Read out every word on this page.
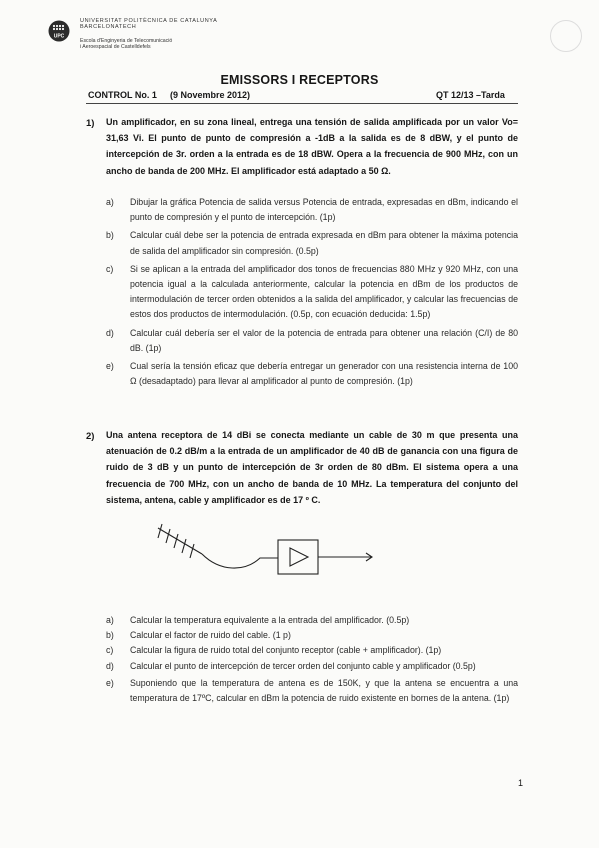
UPC
UNIVERSITAT POLITÈCNICA DE CATALUNYA
BARCELONATECH
Escola d'Enginyeria de Telecomunicació
i Aeroespacial de Castelldefels
EMISSORS I RECEPTORS
CONTROL No. 1 (9 Novembre 2012)	QT 12/13 –Tarda
1) Un amplificador, en su zona lineal, entrega una tensión de salida amplificada por un valor Vo= 31,63 Vi. El punto de punto de compresión a -1dB a la salida es de 8 dBW, y el punto de intercepción de 3r. orden a la entrada es de 18 dBW. Opera a la frecuencia de 900 MHz, con un ancho de banda de 200 MHz. El amplificador está adaptado a 50 Ω.
a) Dibujar la gráfica Potencia de salida versus Potencia de entrada, expresadas en dBm, indicando el punto de compresión y el punto de intercepción. (1p)
b) Calcular cuál debe ser la potencia de entrada expresada en dBm para obtener la máxima potencia de salida del amplificador sin compresión. (0.5p)
c) Si se aplican a la entrada del amplificador dos tonos de frecuencias 880 MHz y 920 MHz, con una potencia igual a la calculada anteriormente, calcular la potencia en dBm de los productos de intermodulación de tercer orden obtenidos a la salida del amplificador, y calcular las frecuencias de estos dos productos de intermodulación. (0.5p, con ecuación deducida: 1.5p)
d) Calcular cuál debería ser el valor de la potencia de entrada para obtener una relación (C/I) de 80 dB. (1p)
e) Cual sería la tensión eficaz que debería entregar un generador con una resistencia interna de 100 Ω (desadaptado) para llevar al amplificador al punto de compresión. (1p)
2) Una antena receptora de 14 dBi se conecta mediante un cable de 30 m que presenta una atenuación de 0.2 dB/m a la entrada de un amplificador de 40 dB de ganancia con una figura de ruido de 3 dB y un punto de intercepción de 3r orden de 80 dBm. El sistema opera a una frecuencia de 700 MHz, con un ancho de banda de 10 MHz. La temperatura del conjunto del sistema, antena, cable y amplificador es de 17 º C.
a) Calcular la temperatura equivalente a la entrada del amplificador. (0.5p)
b) Calcular el factor de ruido del cable. (1 p)
c) Calcular la figura de ruido total del conjunto receptor (cable + amplificador). (1p)
d) Calcular el punto de intercepción de tercer orden del conjunto cable y amplificador (0.5p)
e) Suponiendo que la temperatura de antena es de 150K, y que la antena se encuentra a una temperatura de 17ºC, calcular en dBm la potencia de ruido existente en bornes de la antena. (1p)
1
